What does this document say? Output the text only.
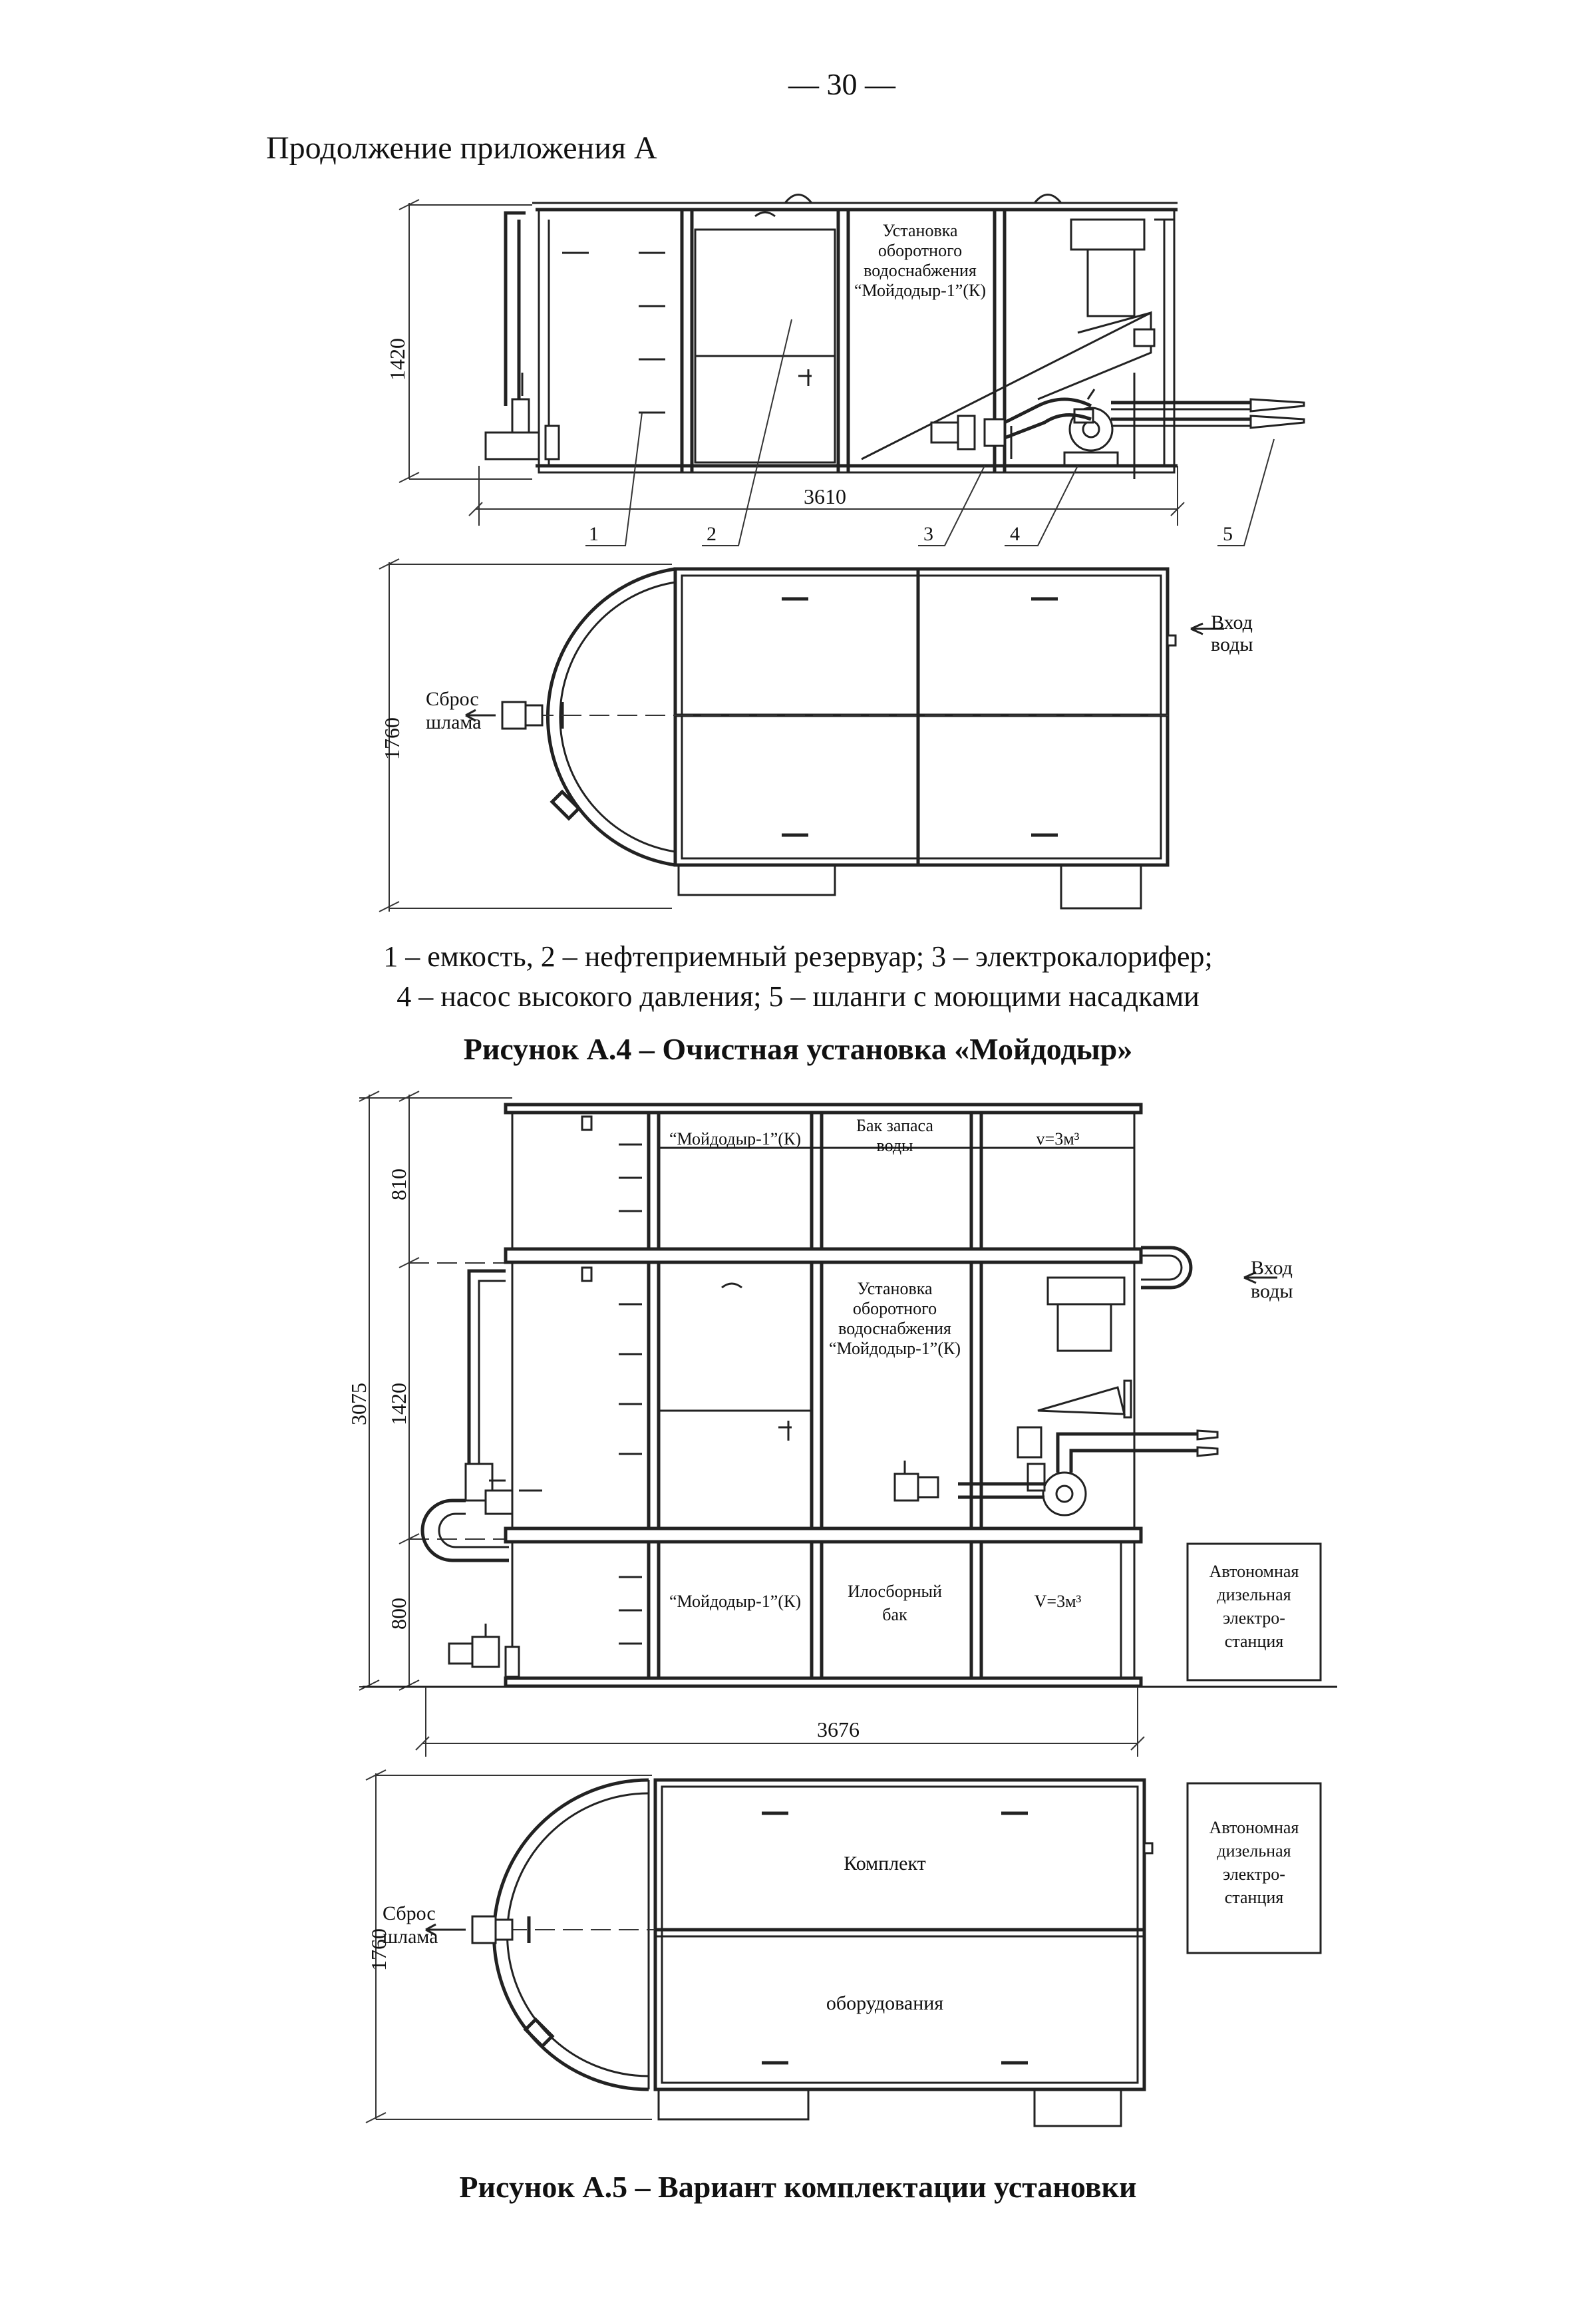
— 30 —
Продолжение приложения А
1420
1	2	3	4	5
3610
Установка
оборотного
водоснабжения
“Мойдодыр-1”(К)
1760
Вход
воды
Сброс
шлама
3075
810
1420
800
“Мойдодыр-1”(К)
Бак запаса
воды	v=3м³
“Мойдодыр-1”(К)
Илосборный
бак
V=3м³
Установка
оборотного
водоснабжения
“Мойдодыр-1”(К)
Вход
воды
Автономная
дизельная
электро-
станция
3676
1760
Сброс
шлама
Комплект
оборудования
Автономная
дизельная
электро-
станция
1 – емкость, 2 – нефтеприемный резервуар; 3 – электрокалорифер;
4 – насос высокого давления; 5 – шланги с моющими насадками
Рисунок А.4 – Очистная установка «Мойдодыр»
Рисунок А.5 – Вариант комплектации установки
